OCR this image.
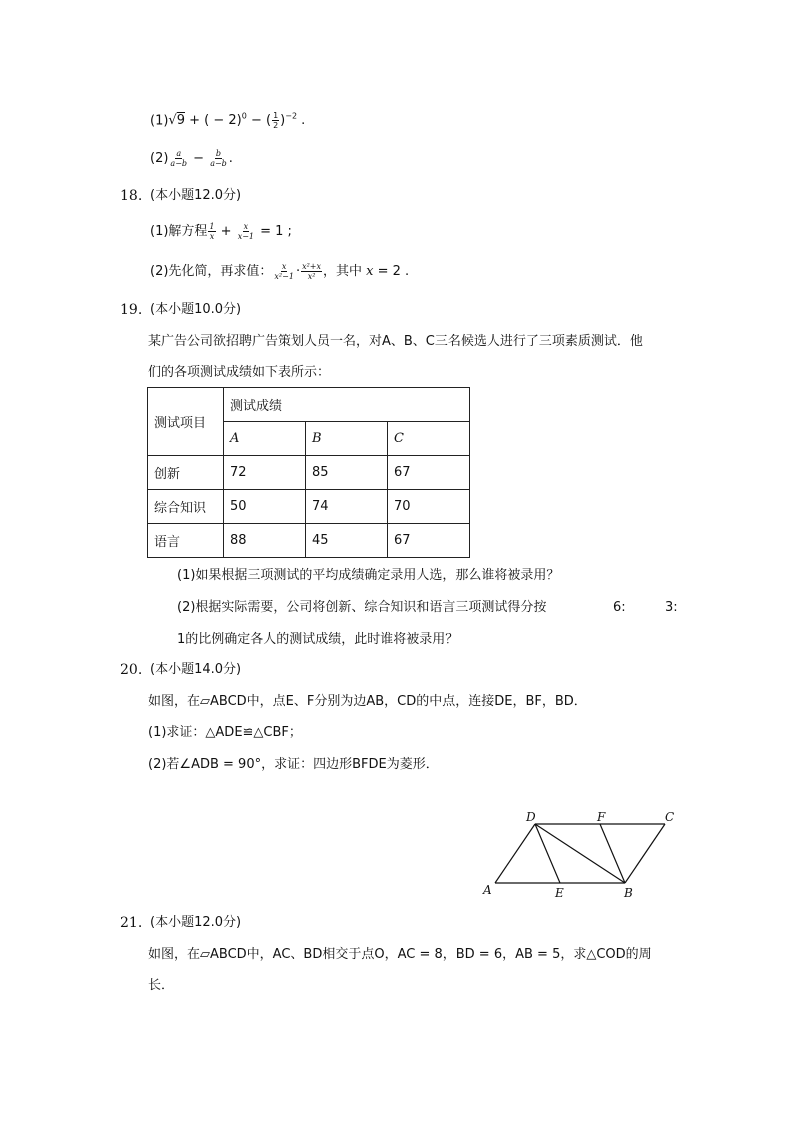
(1)√9 + ( − 2)$^0$ − ( $\frac{1}{2} )^{-2}$ .
$(2) \frac{a}{a-b} - \frac{b}{a-b}$ .
18. (本小题12.0分)
(1)解方程 $\frac{1}{x} + \frac{x}{x-1} = 1$ ;
(2)先化简，再求值： $\frac{x}{\text{x²−1}} \cdot \frac{\text{x²+x}}{\text{x²}}$ ，其中 x = 2 .
19. (本小题10.0分)
某广告公司欲招聘广告策划人员一名，对A、B、C三名候选人进行了三项素质测试．他
们的各项测试成绩如下表所示：
测试项目	测试成绩		
	A	B	C
创新	72	85	67
综合知识	50	74	70
语言	88	45	67
(1)如果根据三项测试的平均成绩确定录用人选，那么谁将被录用？
(2)根据实际需要，公司将创新、综合知识和语言三项测试得分按	6:	3:
1的比例确定各人的测试成绩，此时谁将被录用？
20. (本小题14.0分)
如图，在▱ABCD中，点E、F分别为边AB，CD的中点，连接DE，BF，BD．
(1)求证：△ADE≌△CBF；
(2)若∠ADB = 90°，求证：四边形BFDE为菱形．
D	F	C
A	E	B
21. (本小题12.0分)
如图，在▱ABCD中，AC、BD相交于点O，AC = 8，BD = 6，AB = 5，求△COD的周
长．
